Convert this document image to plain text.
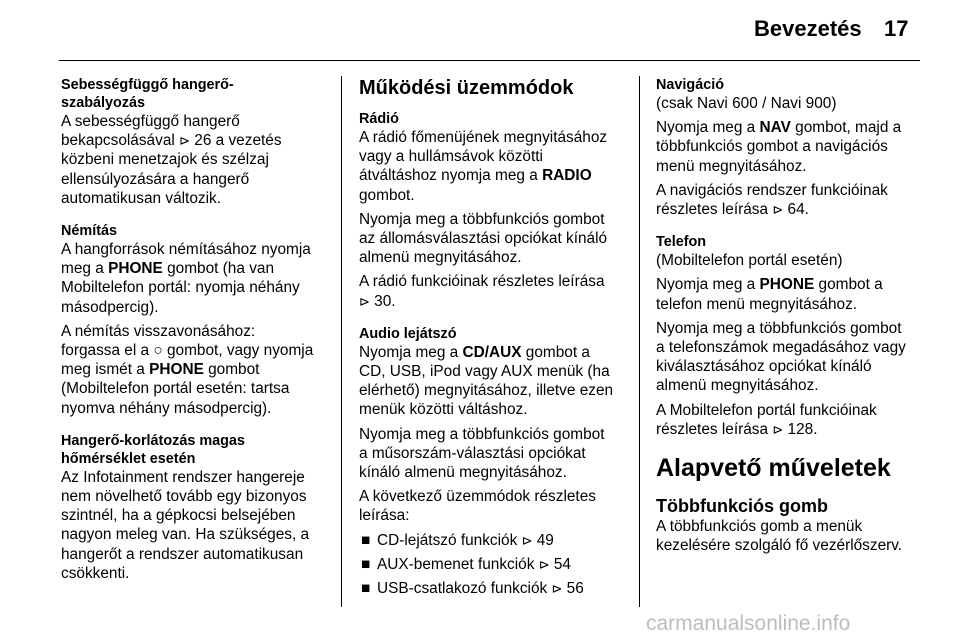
Bevezetés 17
Sebességfüggő hangerő-
szabályozás
A sebességfüggő hangerő
bekapcsolásával ⊳ 26 a vezetés
közbeni menetzajok és szélzaj
ellensúlyozására a hangerő
automatikusan változik.
Némítás
A hangforrások némításához nyomja
meg a PHONE gombot (ha van
Mobiltelefon portál: nyomja néhány
másodpercig).
A némítás visszavonásához:
forgassa el a ○ gombot, vagy nyomja
meg ismét a PHONE gombot
(Mobiltelefon portál esetén: tartsa
nyomva néhány másodpercig).
Hangerő-korlátozás magas
hőmérséklet esetén
Az Infotainment rendszer hangereje
nem növelhető tovább egy bizonyos
szintnél, ha a gépkocsi belsejében
nagyon meleg van. Ha szükséges, a
hangerőt a rendszer automatikusan
csökkenti.
Működési üzemmódok
Rádió
A rádió főmenüjének megnyitásához
vagy a hullámsávok közötti
átváltáshoz nyomja meg a RADIO
gombot.
Nyomja meg a többfunkciós gombot
az állomásválasztási opciókat kínáló
almenü megnyitásához.
A rádió funkcióinak részletes leírása
⊳ 30.
Audio lejátszó
Nyomja meg a CD/AUX gombot a
CD, USB, iPod vagy AUX menük (ha
elérhető) megnyitásához, illetve ezen
menük közötti váltáshoz.
Nyomja meg a többfunkciós gombot
a műsorszám-választási opciókat
kínáló almenü megnyitásához.
A következő üzemmódok részletes
leírása:
■ CD-lejátszó funkciók ⊳ 49
■ AUX-bemenet funkciók ⊳ 54
■ USB-csatlakozó funkciók ⊳ 56
Navigáció
(csak Navi 600 / Navi 900)
Nyomja meg a NAV gombot, majd a
többfunkciós gombot a navigációs
menü megnyitásához.
A navigációs rendszer funkcióinak
részletes leírása ⊳ 64.
Telefon
(Mobiltelefon portál esetén)
Nyomja meg a PHONE gombot a
telefon menü megnyitásához.
Nyomja meg a többfunkciós gombot
a telefonszámok megadásához vagy
kiválasztásához opciókat kínáló
almenü megnyitásához.
A Mobiltelefon portál funkcióinak
részletes leírása ⊳ 128.
Alapvető műveletek
Többfunkciós gomb
A többfunkciós gomb a menük
kezelésére szolgáló fő vezérlőszerv.
carmanualsonline.info
